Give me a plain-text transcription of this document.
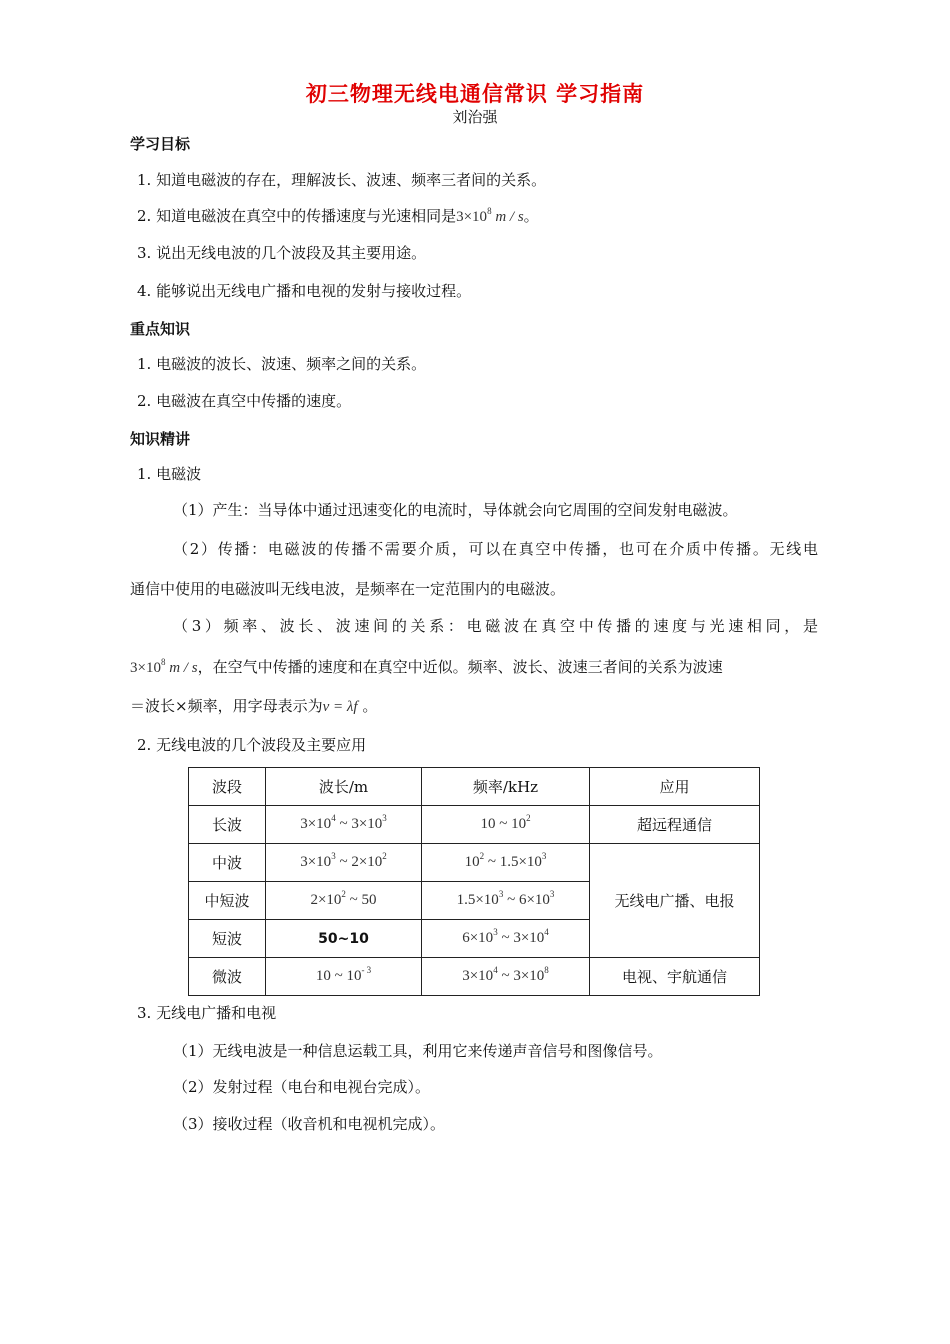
初三物理无线电通信常识 学习指南
刘治强
学习目标
1. 知道电磁波的存在，理解波长、波速、频率三者间的关系。
2. 知道电磁波在真空中的传播速度与光速相同是$3\times 10^8$ m / s。
3. 说出无线电波的几个波段及其主要用途。
4. 能够说出无线电广播和电视的发射与接收过程。
重点知识
1. 电磁波的波长、波速、频率之间的关系。
2. 电磁波在真空中传播的速度。
知识精讲
1. 电磁波
（1）产生：当导体中通过迅速变化的电流时，导体就会向它周围的空间发射电磁波。
（2）传播：电磁波的传播不需要介质，可以在真空中传播，也可在介质中传播。无线电
通信中使用的电磁波叫无线电波，是频率在一定范围内的电磁波。
（3）频率、波长、波速间的关系：电磁波在真空中传播的速度与光速相同，是
$3\times 10^8$ m / s，在空气中传播的速度和在真空中近似。频率、波长、波速三者间的关系为波速
＝波长×频率，用字母表示为v = λf 。
2. 无线电波的几个波段及主要应用
波段	波长/m	频率/kHz	应用
长波	$3\times 10^4$ ~ $3\times 10^3$	10 ~ $10^2$	超远程通信
中波	$3\times 10^3$ ~ $2\times 10^2$	$10^2$ ~ $1.5\times 10^3$	无线电广播、电报
中短波	$2\times 10^2$ ~ 50	$1.5\times 10^3$ ~ $6\times 10^3$
短波	50~10	$6\times 10^3$ ~ $3\times 10^4$
微波	10 ~ $10^{- 3}$	$3\times 10^4$ ~ $3\times 10^8$	电视、宇航通信
3. 无线电广播和电视
（1）无线电波是一种信息运载工具，利用它来传递声音信号和图像信号。
（2）发射过程（电台和电视台完成）。
（3）接收过程（收音机和电视机完成）。
